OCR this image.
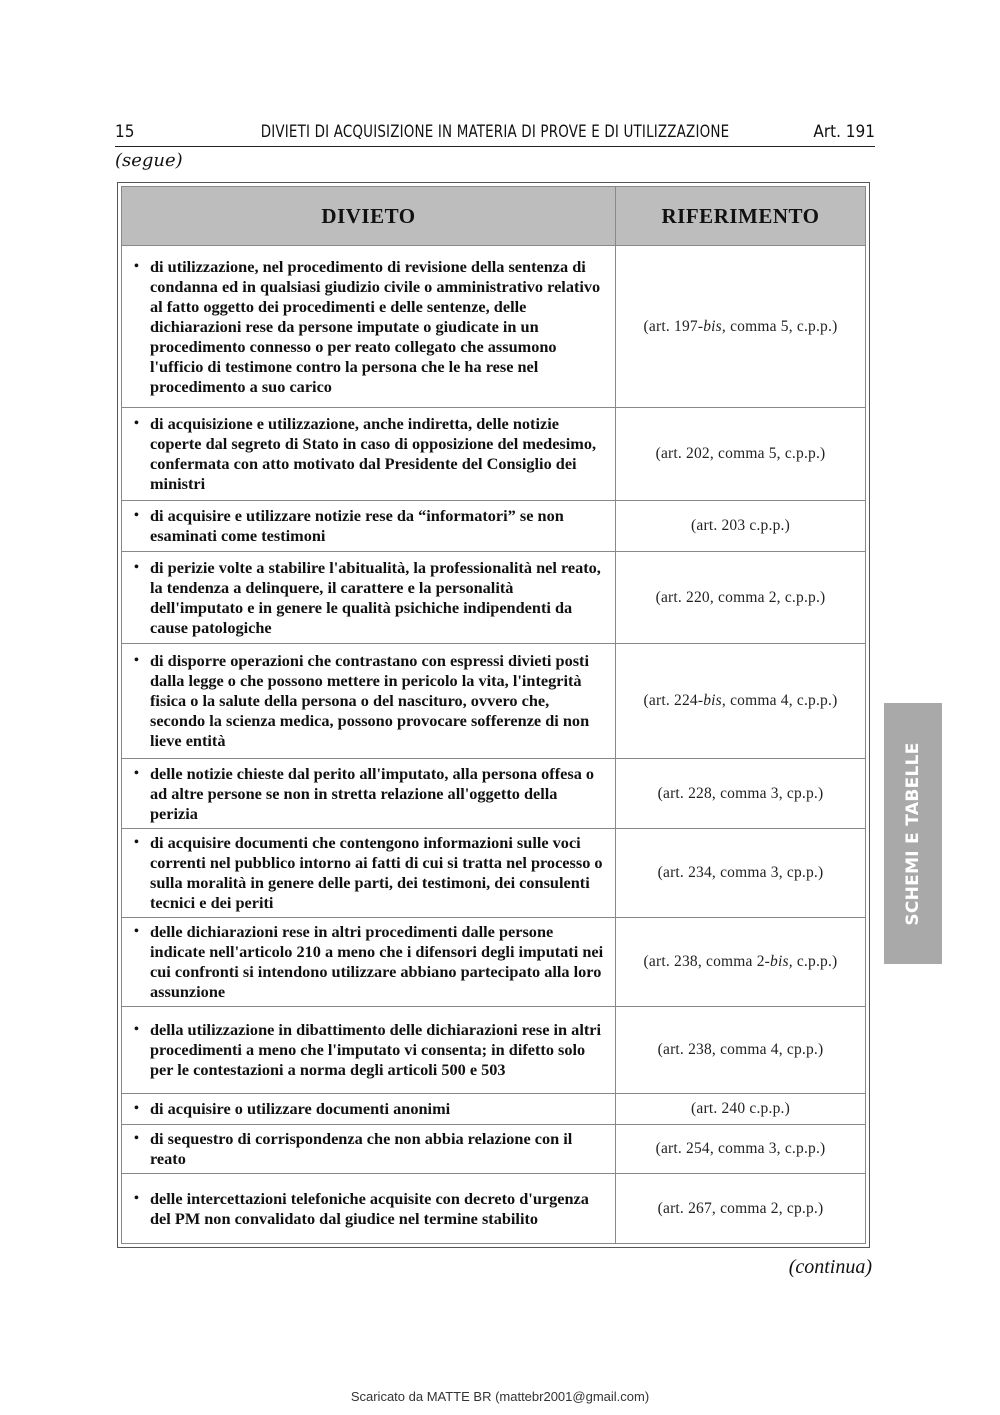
15	DIVIETI DI ACQUISIZIONE IN MATERIA DI PROVE E DI UTILIZZAZIONE	Art. 191
(segue)
DIVIETO	RIFERIMENTO

• di utilizzazione, nel procedimento di revisione della sentenza di condanna ed in qualsiasi giudizio civile o amministrativo relativo al fatto oggetto dei procedimenti e delle sentenze, delle dichiarazioni rese da persone imputate o giudicate in un procedimento connesso o per reato collegato che assumono l'ufficio di testimone contro la persona che le ha rese nel procedimento a suo carico	(art. 197-bis, comma 5, c.p.p.)

• di acquisizione e utilizzazione, anche indiretta, delle notizie coperte dal segreto di Stato in caso di opposizione del medesimo, confermata con atto motivato dal Presidente del Consiglio dei ministri	(art. 202, comma 5, c.p.p.)

• di acquisire e utilizzare notizie rese da “informatori” se non esaminati come testimoni	(art. 203 c.p.p.)

• di perizie volte a stabilire l'abitualità, la professionalità nel reato, la tendenza a delinquere, il carattere e la personalità dell'imputato e in genere le qualità psichiche indipendenti da cause patologiche	(art. 220, comma 2, c.p.p.)

• di disporre operazioni che contrastano con espressi divieti posti dalla legge o che possono mettere in pericolo la vita, l'integrità fisica o la salute della persona o del nascituro, ovvero che, secondo la scienza medica, possono provocare sofferenze di non lieve entità	(art. 224-bis, comma 4, c.p.p.)

• delle notizie chieste dal perito all'imputato, alla persona offesa o ad altre persone se non in stretta relazione all'oggetto della perizia	(art. 228, comma 3, cp.p.)

• di acquisire documenti che contengono informazioni sulle voci correnti nel pubblico intorno ai fatti di cui si tratta nel processo o sulla moralità in genere delle parti, dei testimoni, dei consulenti tecnici e dei periti	(art. 234, comma 3, cp.p.)

• delle dichiarazioni rese in altri procedimenti dalle persone indicate nell'articolo 210 a meno che i difensori degli imputati nei cui confronti si intendono utilizzare abbiano partecipato alla loro assunzione	(art. 238, comma 2-bis, c.p.p.)

• della utilizzazione in dibattimento delle dichiarazioni rese in altri procedimenti a meno che l'imputato vi consenta; in difetto solo per le contestazioni a norma degli articoli 500 e 503	(art. 238, comma 4, cp.p.)

• di acquisire o utilizzare documenti anonimi	(art. 240 c.p.p.)

• di sequestro di corrispondenza che non abbia relazione con il reato	(art. 254, comma 3, c.p.p.)

• delle intercettazioni telefoniche acquisite con decreto d'urgenza del PM non convalidato dal giudice nel termine stabilito	(art. 267, comma 2, cp.p.)
(continua)
SCHEMI E TABELLE
Scaricato da MATTE BR (mattebr2001@gmail.com)
